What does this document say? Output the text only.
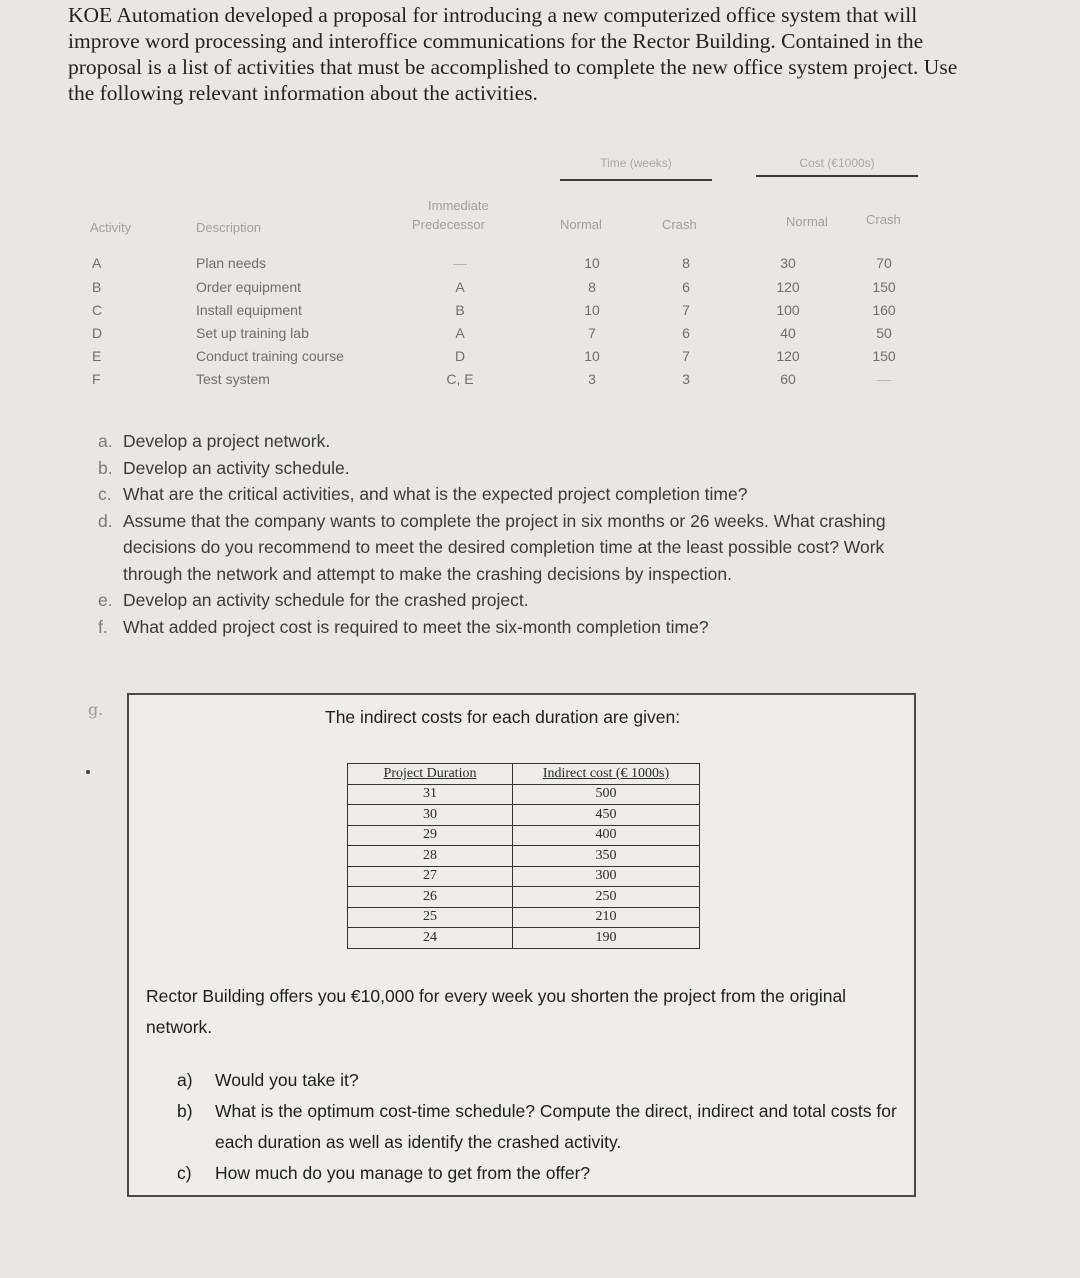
KOE Automation developed a proposal for introducing a new computerized office system that will improve word processing and interoffice communications for the Rector Building. Contained in the proposal is a list of activities that must be accomplished to complete the new office system project. Use the following relevant information about the activities.

Time (weeks)	Cost (€1000s)
Activity	Description
Immediate
Predecessor	Normal	Crash	Normal	Crash
A	Plan needs	—	10	8	30	70
B	Order equipment	A	8	6	120	150
C	Install equipment	B	10	7	100	160
D	Set up training lab	A	7	6	40	50
E	Conduct training course	D	10	7	120	150
F	Test system	C, E	3	3	60	—
a. Develop a project network.
b. Develop an activity schedule.
c. What are the critical activities, and what is the expected project completion time?
d. Assume that the company wants to complete the project in six months or 26 weeks. What crashing decisions do you recommend to meet the desired completion time at the least possible cost? Work through the network and attempt to make the crashing decisions by inspection.
e. Develop an activity schedule for the crashed project.
f. What added project cost is required to meet the six-month completion time?
g.	The indirect costs for each duration are given:
Project Duration	Indirect cost (€ 1000s)
31	500
30	450
29	400
28	350
27	300
26	250
25	210
24	190
Rector Building offers you €10,000 for every week you shorten the project from the original network.
a)	Would you take it?
b)	What is the optimum cost-time schedule? Compute the direct, indirect and total costs for each duration as well as identify the crashed activity.
c)	How much do you manage to get from the offer?
